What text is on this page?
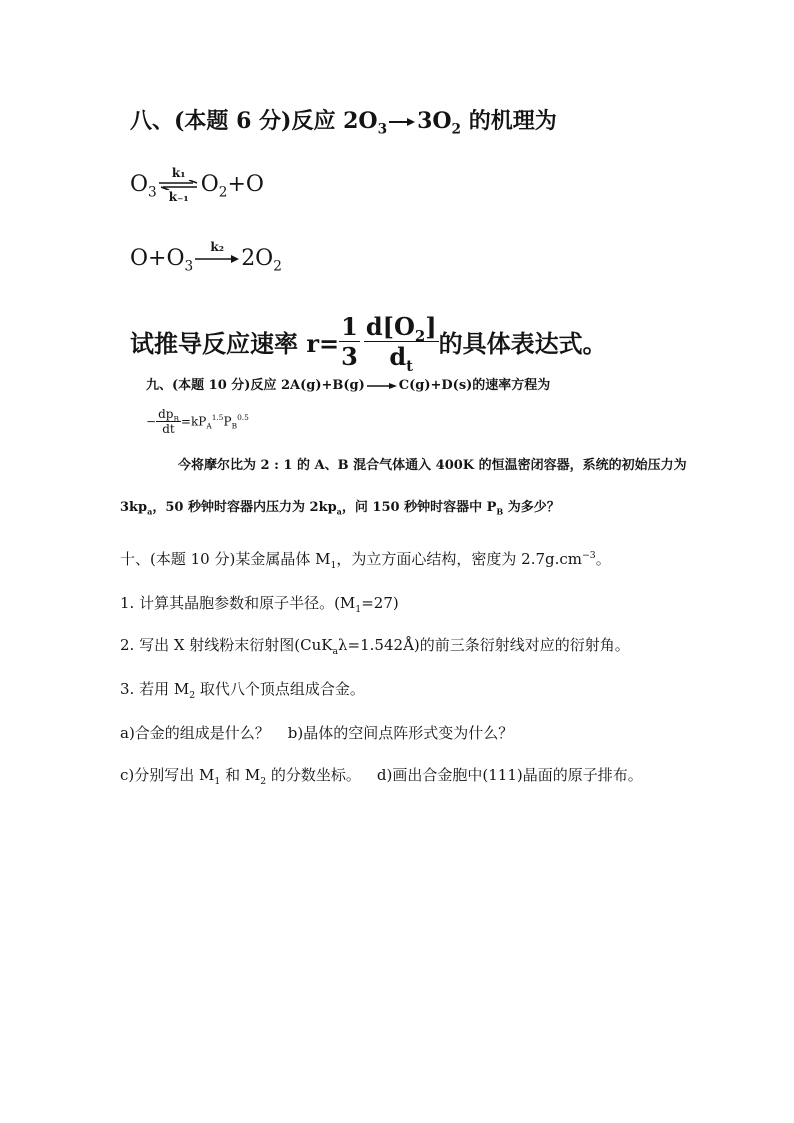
八、(本题 6 分)反应 $2O_3 \to 3O_2$ 的机理为
$O_3$
k₁
k₋₁ $O_2+O$
$O+O_3$
k₂ $2O_2$
试推导反应速率 $r= \frac{1}{3} \frac{d[O_2]}{d_t}$ 的具体表达式。
九、(本题 10 分)反应 2A(g)+B(g) → C(g)+D(s)的速率方程为
− $\frac{dp_B}{dt} =kP_A^{1.5}P_B^{0.5}$
今将摩尔比为 2 : 1 的 A、B 混合气体通入 400K 的恒温密闭容器，系统的初始压力为
$3kp_a$，50 秒钟时容器内压力为 $2kp_a$，问 150 秒钟时容器中 $P_B$ 为多少？
十、(本题 10 分)某金属晶体 $M_1$，为立方面心结构，密度为 $2.7g.cm^{-3}$。
1. 计算其晶胞参数和原子半径。$(M_1=27)$
2. 写出 X 射线粉末衍射图(CuK$_a$λ=1.542Å)的前三条衍射线对应的衍射角。
3. 若用 $M_2$ 取代八个顶点组成合金。
a)合金的组成是什么？ b)晶体的空间点阵形式变为什么？
c)分别写出 $M_1$ 和 $M_2$ 的分数坐标。 d)画出合金胞中(111)晶面的原子排布。
